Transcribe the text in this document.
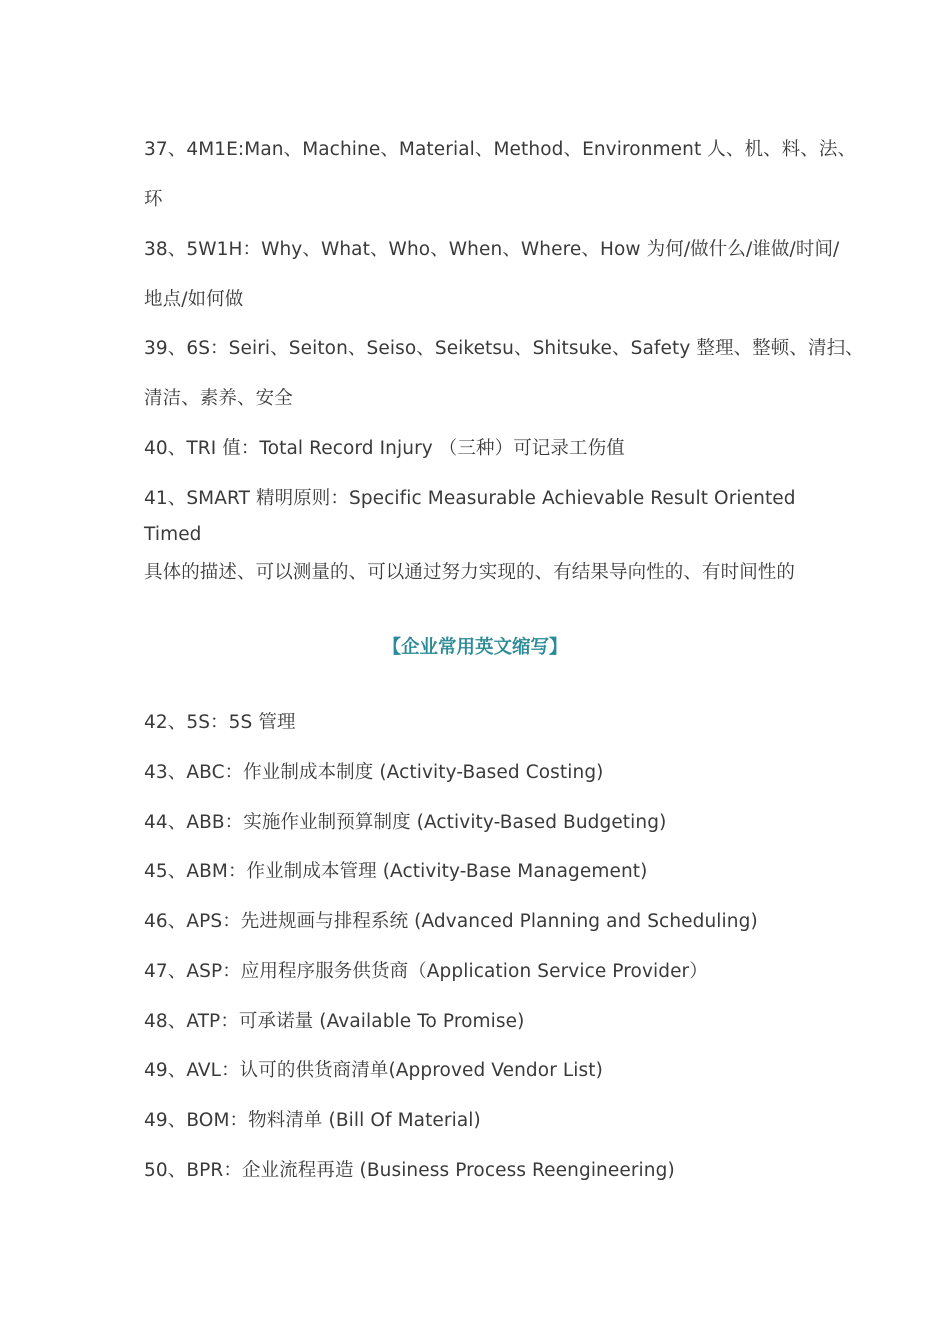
37、4M1E:Man、Machine、Material、Method、Environment 人、机、料、法、
环
38、5W1H：Why、What、Who、When、Where、How 为何/做什么/谁做/时间/
地点/如何做
39、6S：Seiri、Seiton、Seiso、Seiketsu、Shitsuke、Safety 整理、整顿、清扫、
清洁、素养、安全
40、TRI 值：Total Record Injury （三种）可记录工伤值
41、SMART 精明原则：Specific Measurable Achievable Result Oriented
Timed
具体的描述、可以测量的、可以通过努力实现的、有结果导向性的、有时间性的
【企业常用英文缩写】
42、5S：5S 管理
43、ABC：作业制成本制度 (Activity-Based Costing)
44、ABB：实施作业制预算制度 (Activity-Based Budgeting)
45、ABM：作业制成本管理 (Activity-Base Management)
46、APS：先进规画与排程系统 (Advanced Planning and Scheduling)
47、ASP：应用程序服务供货商（Application Service Provider）
48、ATP：可承诺量 (Available To Promise)
49、AVL：认可的供货商清单(Approved Vendor List)
49、BOM：物料清单 (Bill Of Material)
50、BPR：企业流程再造 (Business Process Reengineering)
